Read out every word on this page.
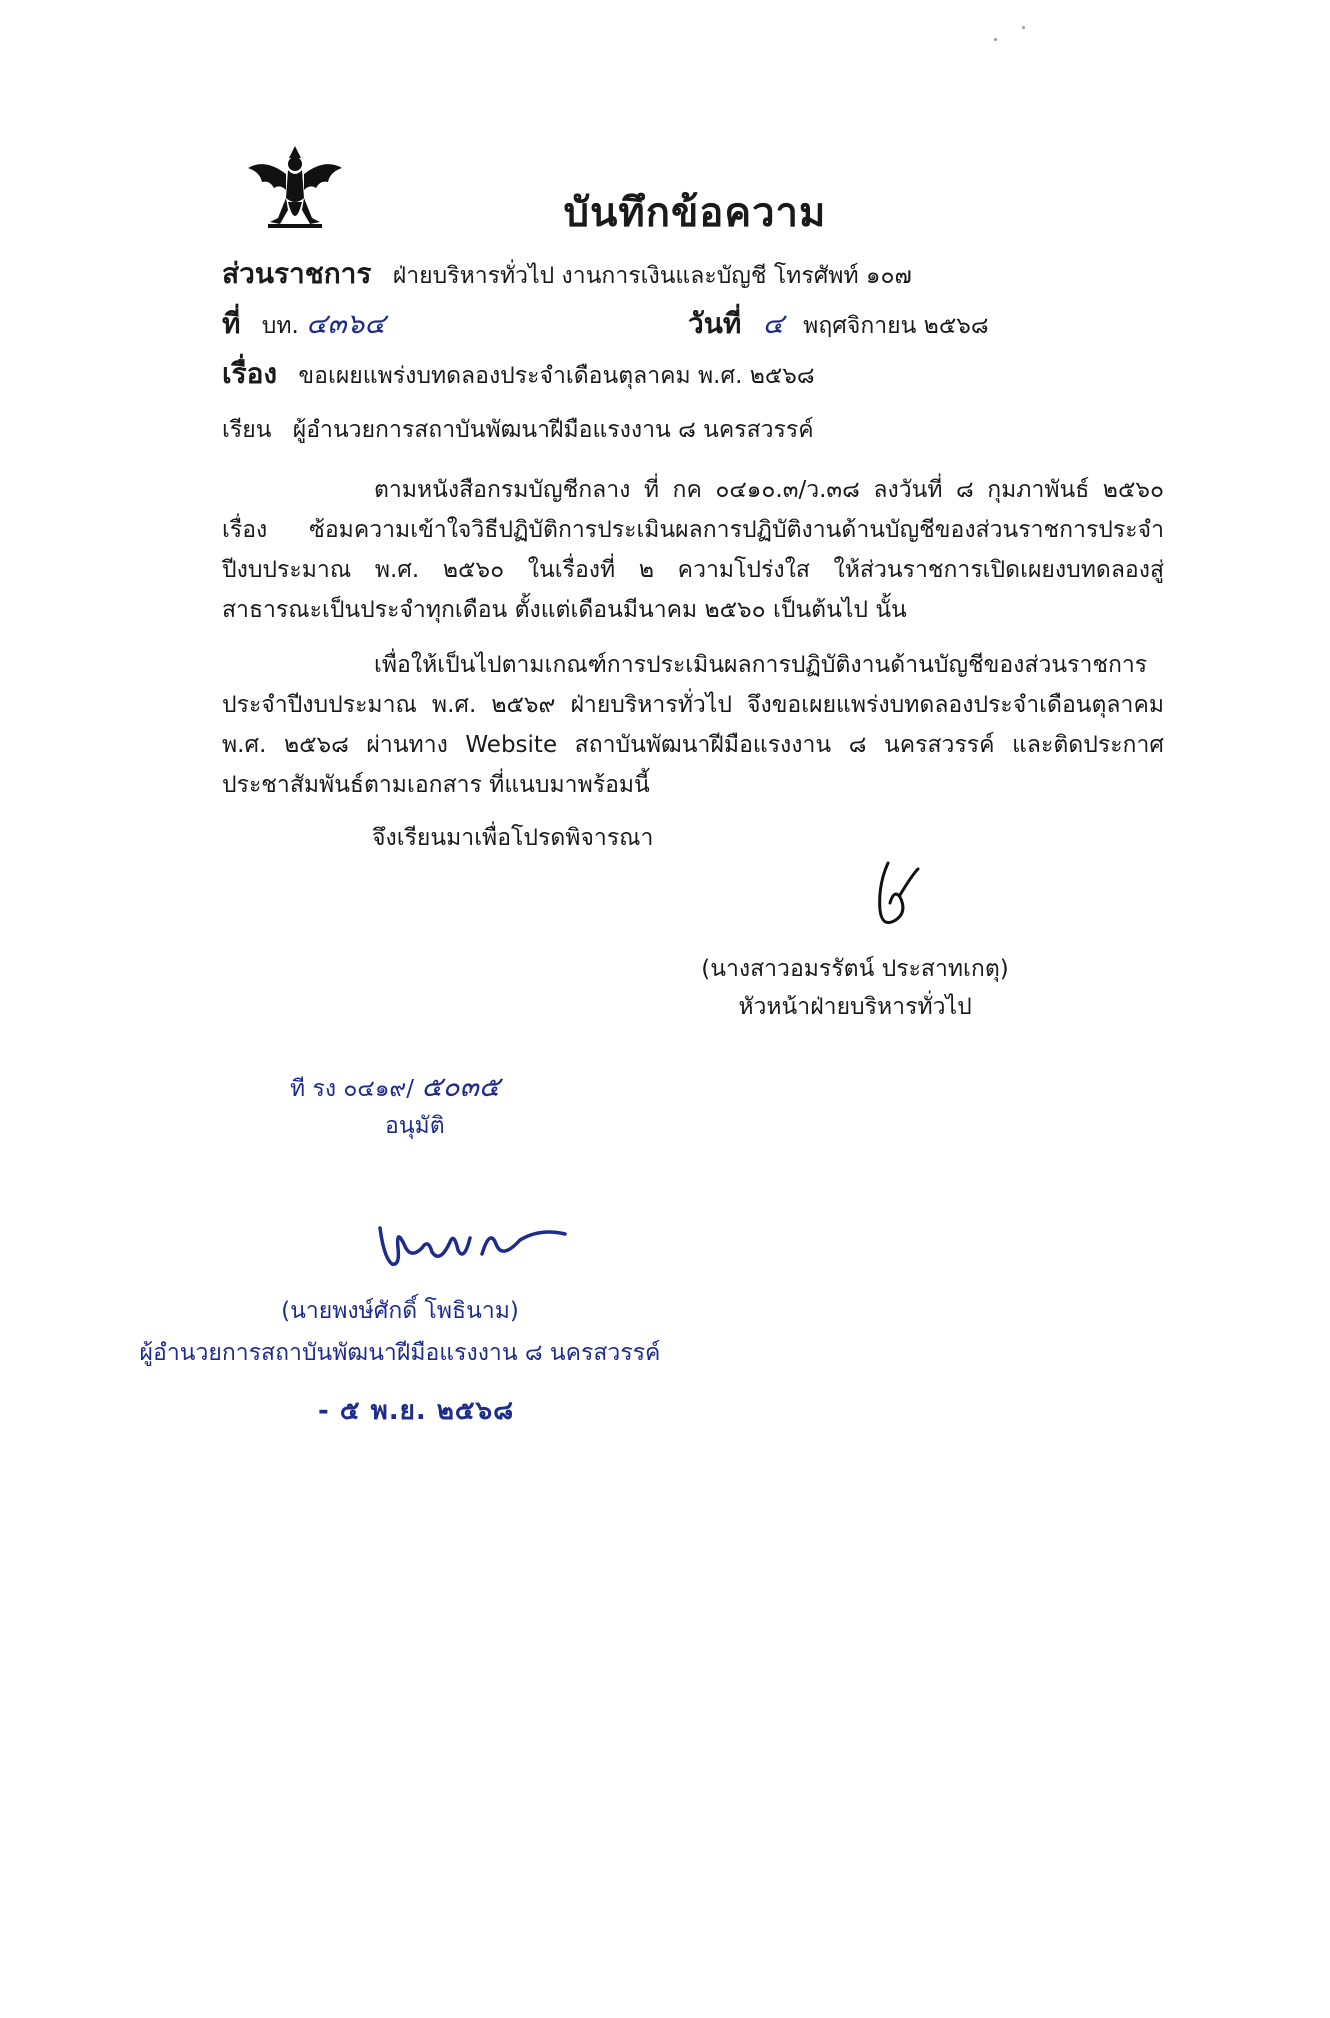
บันทึกข้อความ
ส่วนราชการ ฝ่ายบริหารทั่วไป งานการเงินและบัญชี โทรศัพท์ ๑๐๗
ที่ บท. ๔๓๖๔	วันที่ ๔ พฤศจิกายน ๒๕๖๘
เรื่อง ขอเผยแพร่งบทดลองประจำเดือนตุลาคม พ.ศ. ๒๕๖๘
เรียน ผู้อำนวยการสถาบันพัฒนาฝีมือแรงงาน ๘ นครสวรรค์
ตามหนังสือกรมบัญชีกลาง ที่ กค ๐๔๑๐.๓/ว.๓๘ ลงวันที่ ๘ กุมภาพันธ์ ๒๕๖๐ เรื่อง ซ้อมความเข้าใจวิธีปฏิบัติการประเมินผลการปฏิบัติงานด้านบัญชีของส่วนราชการประจำปีงบประมาณ พ.ศ. ๒๕๖๐ ในเรื่องที่ ๒ ความโปร่งใส ให้ส่วนราชการเปิดเผยงบทดลองสู่สาธารณะเป็นประจำทุกเดือน ตั้งแต่เดือนมีนาคม ๒๕๖๐ เป็นต้นไป นั้น
เพื่อให้เป็นไปตามเกณฑ์การประเมินผลการปฏิบัติงานด้านบัญชีของส่วนราชการประจำปีงบประมาณ พ.ศ. ๒๕๖๙ ฝ่ายบริหารทั่วไป จึงขอเผยแพร่งบทดลองประจำเดือนตุลาคม พ.ศ. ๒๕๖๘ ผ่านทาง Website สถาบันพัฒนาฝีมือแรงงาน ๘ นครสวรรค์ และติดประกาศประชาสัมพันธ์ตามเอกสาร ที่แนบมาพร้อมนี้
จึงเรียนมาเพื่อโปรดพิจารณา
(นางสาวอมรรัตน์ ประสาทเกตุ)
หัวหน้าฝ่ายบริหารทั่วไป
ที รง ๐๔๑๙/ ๕๐๓๕
อนุมัติ
(นายพงษ์ศักดิ์ โพธินาม)
ผู้อำนวยการสถาบันพัฒนาฝีมือแรงงาน ๘ นครสวรรค์
- ๕ พ.ย. ๒๕๖๘
